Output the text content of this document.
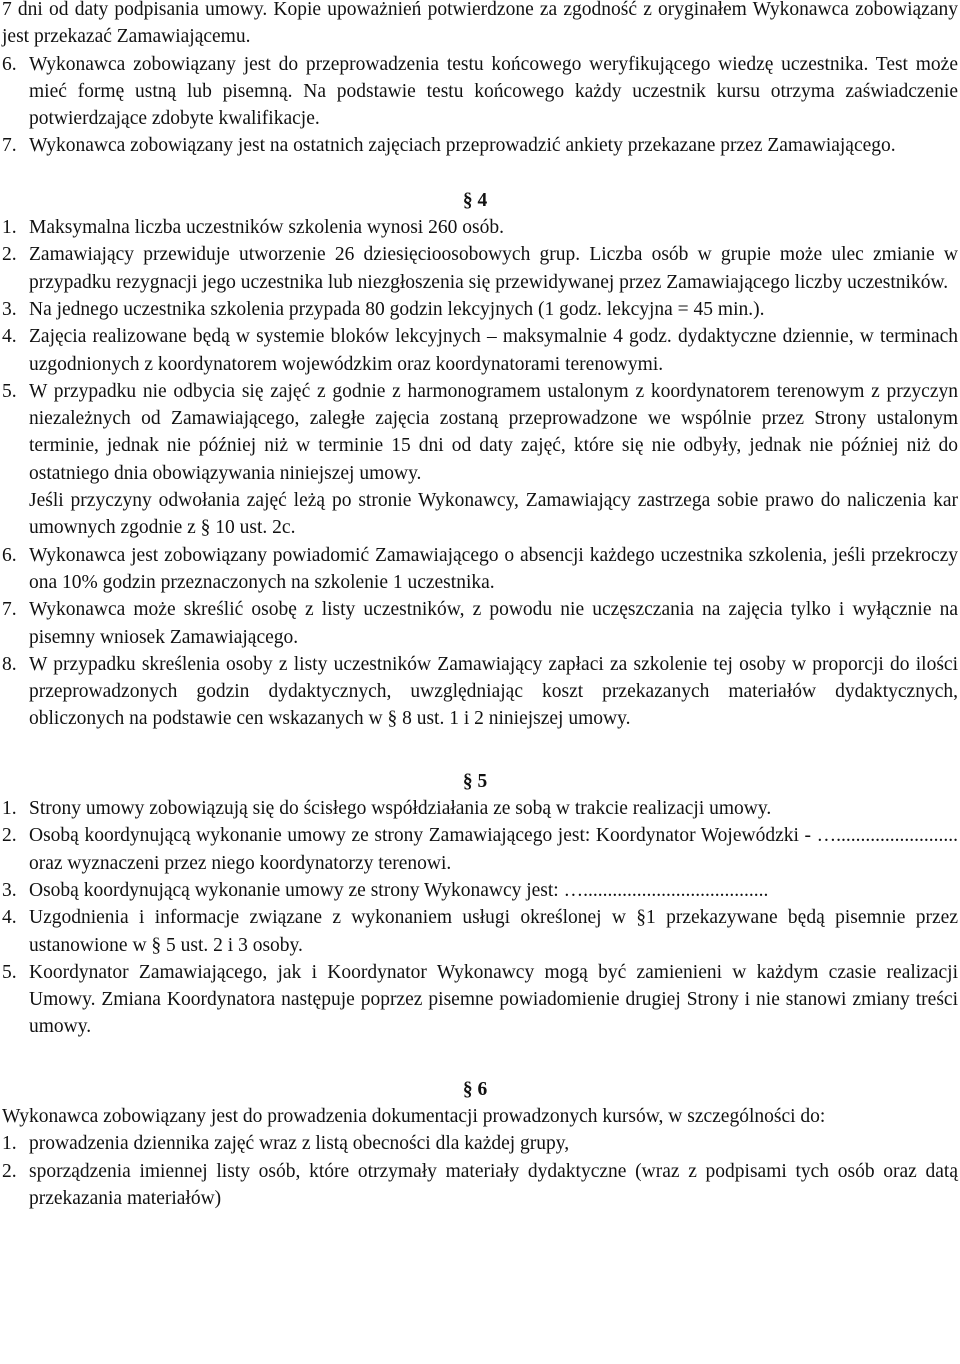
7 dni od daty podpisania umowy. Kopie upoważnień potwierdzone za zgodność z oryginałem Wykonawca zobowiązany jest przekazać Zamawiającemu.

6. Wykonawca zobowiązany jest do przeprowadzenia testu końcowego weryfikującego wiedzę uczestnika. Test może mieć formę ustną lub pisemną. Na podstawie testu końcowego każdy uczestnik kursu otrzyma zaświadczenie potwierdzające zdobyte kwalifikacje.
7. Wykonawca zobowiązany jest na ostatnich zajęciach przeprowadzić ankiety przekazane przez Zamawiającego.
§ 4
1. Maksymalna liczba uczestników szkolenia wynosi 260 osób.
2. Zamawiający przewiduje utworzenie 26 dziesięcioosobowych grup. Liczba osób w grupie może ulec zmianie w przypadku rezygnacji jego uczestnika lub niezgłoszenia się przewidywanej przez Zamawiającego liczby uczestników.
3. Na jednego uczestnika szkolenia przypada 80 godzin lekcyjnych (1 godz. lekcyjna = 45 min.).
4. Zajęcia realizowane będą w systemie bloków lekcyjnych – maksymalnie 4 godz. dydaktyczne dziennie, w terminach uzgodnionych z koordynatorem wojewódzkim oraz koordynatorami terenowymi.
5. W przypadku nie odbycia się zajęć z godnie z harmonogramem ustalonym z koordynatorem terenowym z przyczyn niezależnych od Zamawiającego, zaległe zajęcia zostaną przeprowadzone we wspólnie przez Strony ustalonym terminie, jednak nie później niż w terminie 15 dni od daty zajęć, które się nie odbyły, jednak nie później niż do ostatniego dnia obowiązywania niniejszej umowy.
Jeśli przyczyny odwołania zajęć leżą po stronie Wykonawcy, Zamawiający zastrzega sobie prawo do naliczenia kar umownych zgodnie z § 10 ust. 2c.
6. Wykonawca jest zobowiązany powiadomić Zamawiającego o absencji każdego uczestnika szkolenia, jeśli przekroczy ona 10% godzin przeznaczonych na szkolenie 1 uczestnika.
7. Wykonawca może skreślić osobę z listy uczestników, z powodu nie uczęszczania na zajęcia tylko i wyłącznie na pisemny wniosek Zamawiającego.
8. W przypadku skreślenia osoby z listy uczestników Zamawiający zapłaci za szkolenie tej osoby w proporcji do ilości przeprowadzonych godzin dydaktycznych, uwzględniając koszt przekazanych materiałów dydaktycznych, obliczonych na podstawie cen wskazanych w § 8 ust. 1 i 2 niniejszej umowy.
§ 5
1. Strony umowy zobowiązują się do ścisłego współdziałania ze sobą w trakcie realizacji umowy.
2. Osobą koordynującą wykonanie umowy ze strony Zamawiającego jest: Koordynator Wojewódzki - …......................... oraz wyznaczeni przez niego koordynatorzy terenowi.
3. Osobą koordynującą wykonanie umowy ze strony Wykonawcy jest: …......................................
4. Uzgodnienia i informacje związane z wykonaniem usługi określonej w §1 przekazywane będą pisemnie przez ustanowione w § 5 ust. 2 i 3 osoby.
5. Koordynator Zamawiającego, jak i Koordynator Wykonawcy mogą być zamienieni w każdym czasie realizacji Umowy. Zmiana Koordynatora następuje poprzez pisemne powiadomienie drugiej Strony i nie stanowi zmiany treści umowy.
§ 6

Wykonawca zobowiązany jest do prowadzenia dokumentacji prowadzonych kursów, w szczególności do:

1. prowadzenia dziennika zajęć wraz z listą obecności dla każdej grupy,
2. sporządzenia imiennej listy osób, które otrzymały materiały dydaktyczne (wraz z podpisami tych osób oraz datą przekazania materiałów)
